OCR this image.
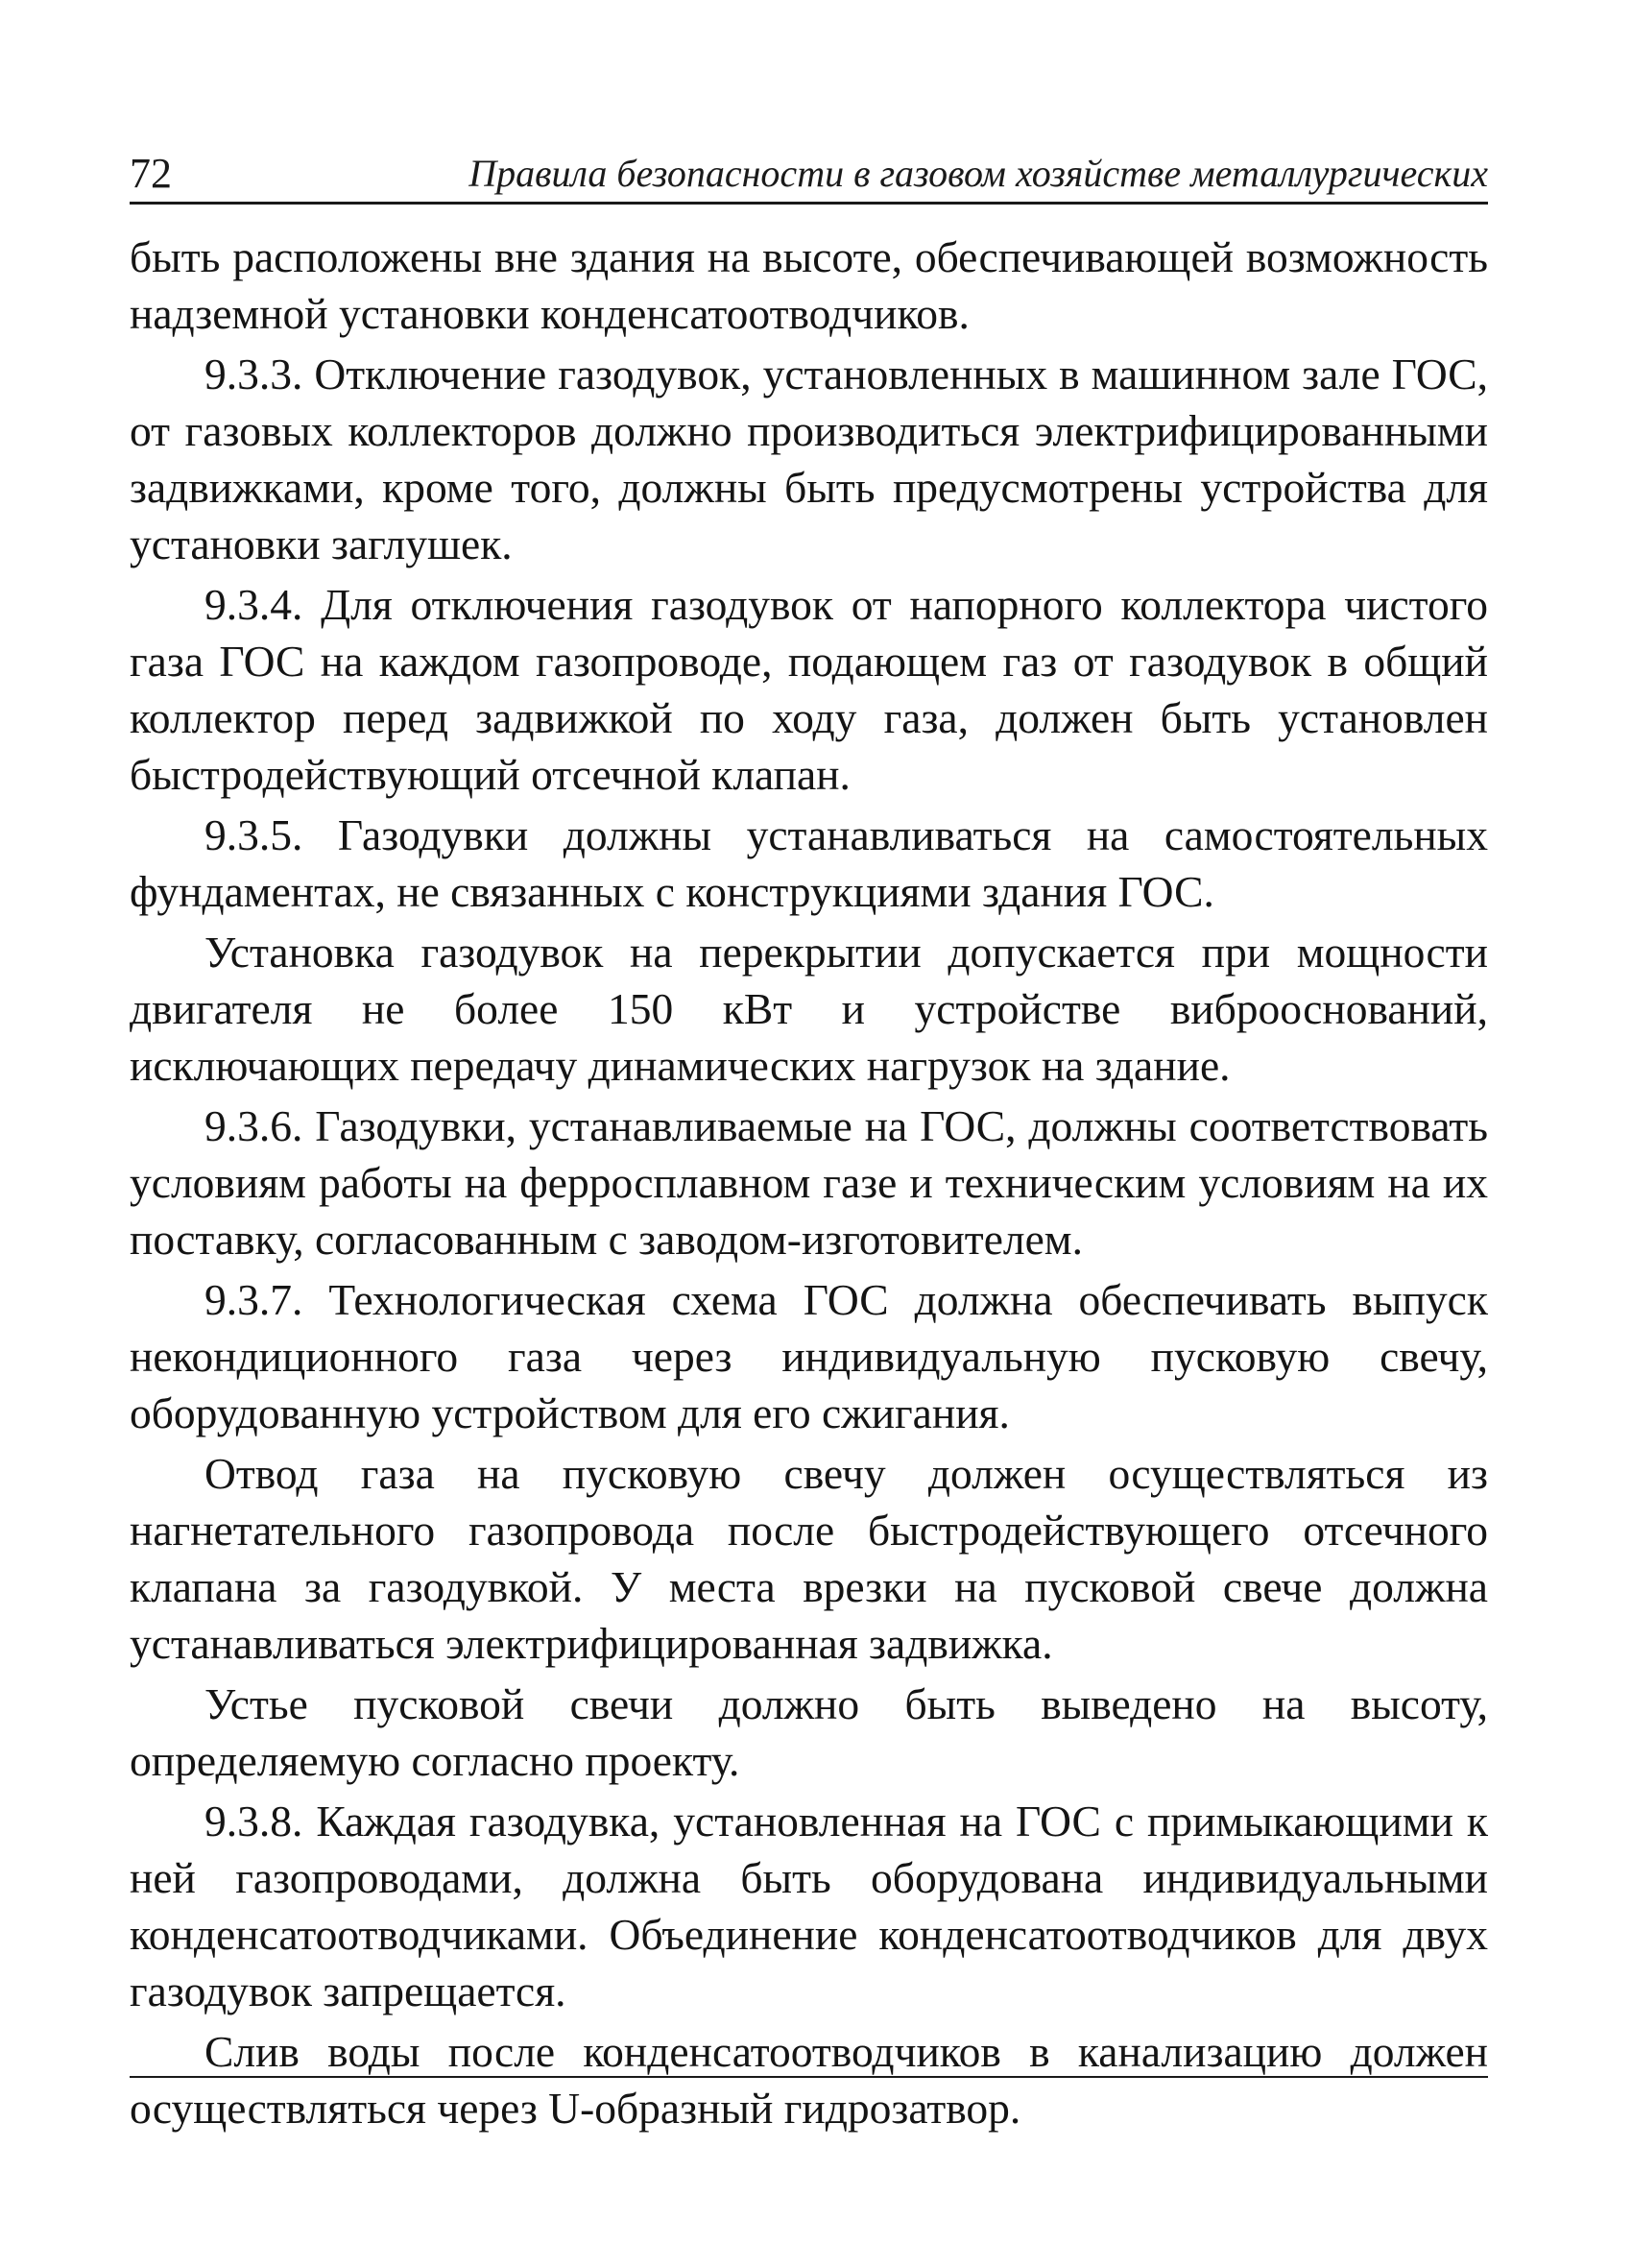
72	Правила безопасности в газовом хозяйстве металлургических

быть расположены вне здания на высоте, обеспечивающей возможность надземной установки конденсатоотводчиков.

9.3.3. Отключение газодувок, установленных в машинном зале ГОС, от газовых коллекторов должно производиться электрифицированными задвижками, кроме того, должны быть предусмотрены устройства для установки заглушек.

9.3.4. Для отключения газодувок от напорного коллектора чистого газа ГОС на каждом газопроводе, подающем газ от газодувок в общий коллектор перед задвижкой по ходу газа, должен быть установлен быстродействующий отсечной клапан.

9.3.5. Газодувки должны устанавливаться на самостоятельных фундаментах, не связанных с конструкциями здания ГОС.

Установка газодувок на перекрытии допускается при мощности двигателя не более 150 кВт и устройстве виброоснований, исключающих передачу динамических нагрузок на здание.

9.3.6. Газодувки, устанавливаемые на ГОС, должны соответствовать условиям работы на ферросплавном газе и техническим условиям на их поставку, согласованным с заводом-изготовителем.

9.3.7. Технологическая схема ГОС должна обеспечивать выпуск некондиционного газа через индивидуальную пусковую свечу, оборудованную устройством для его сжигания.

Отвод газа на пусковую свечу должен осуществляться из нагнетательного газопровода после быстродействующего отсечного клапана за газодувкой. У места врезки на пусковой свече должна устанавливаться электрифицированная задвижка.

Устье пусковой свечи должно быть выведено на высоту, определяемую согласно проекту.

9.3.8. Каждая газодувка, установленная на ГОС с примыкающими к ней газопроводами, должна быть оборудована индивидуальными конденсатоотводчиками. Объединение конденсатоотводчиков для двух газодувок запрещается.

Слив воды после конденсатоотводчиков в канализацию должен осуществляться через U-образный гидрозатвор.
